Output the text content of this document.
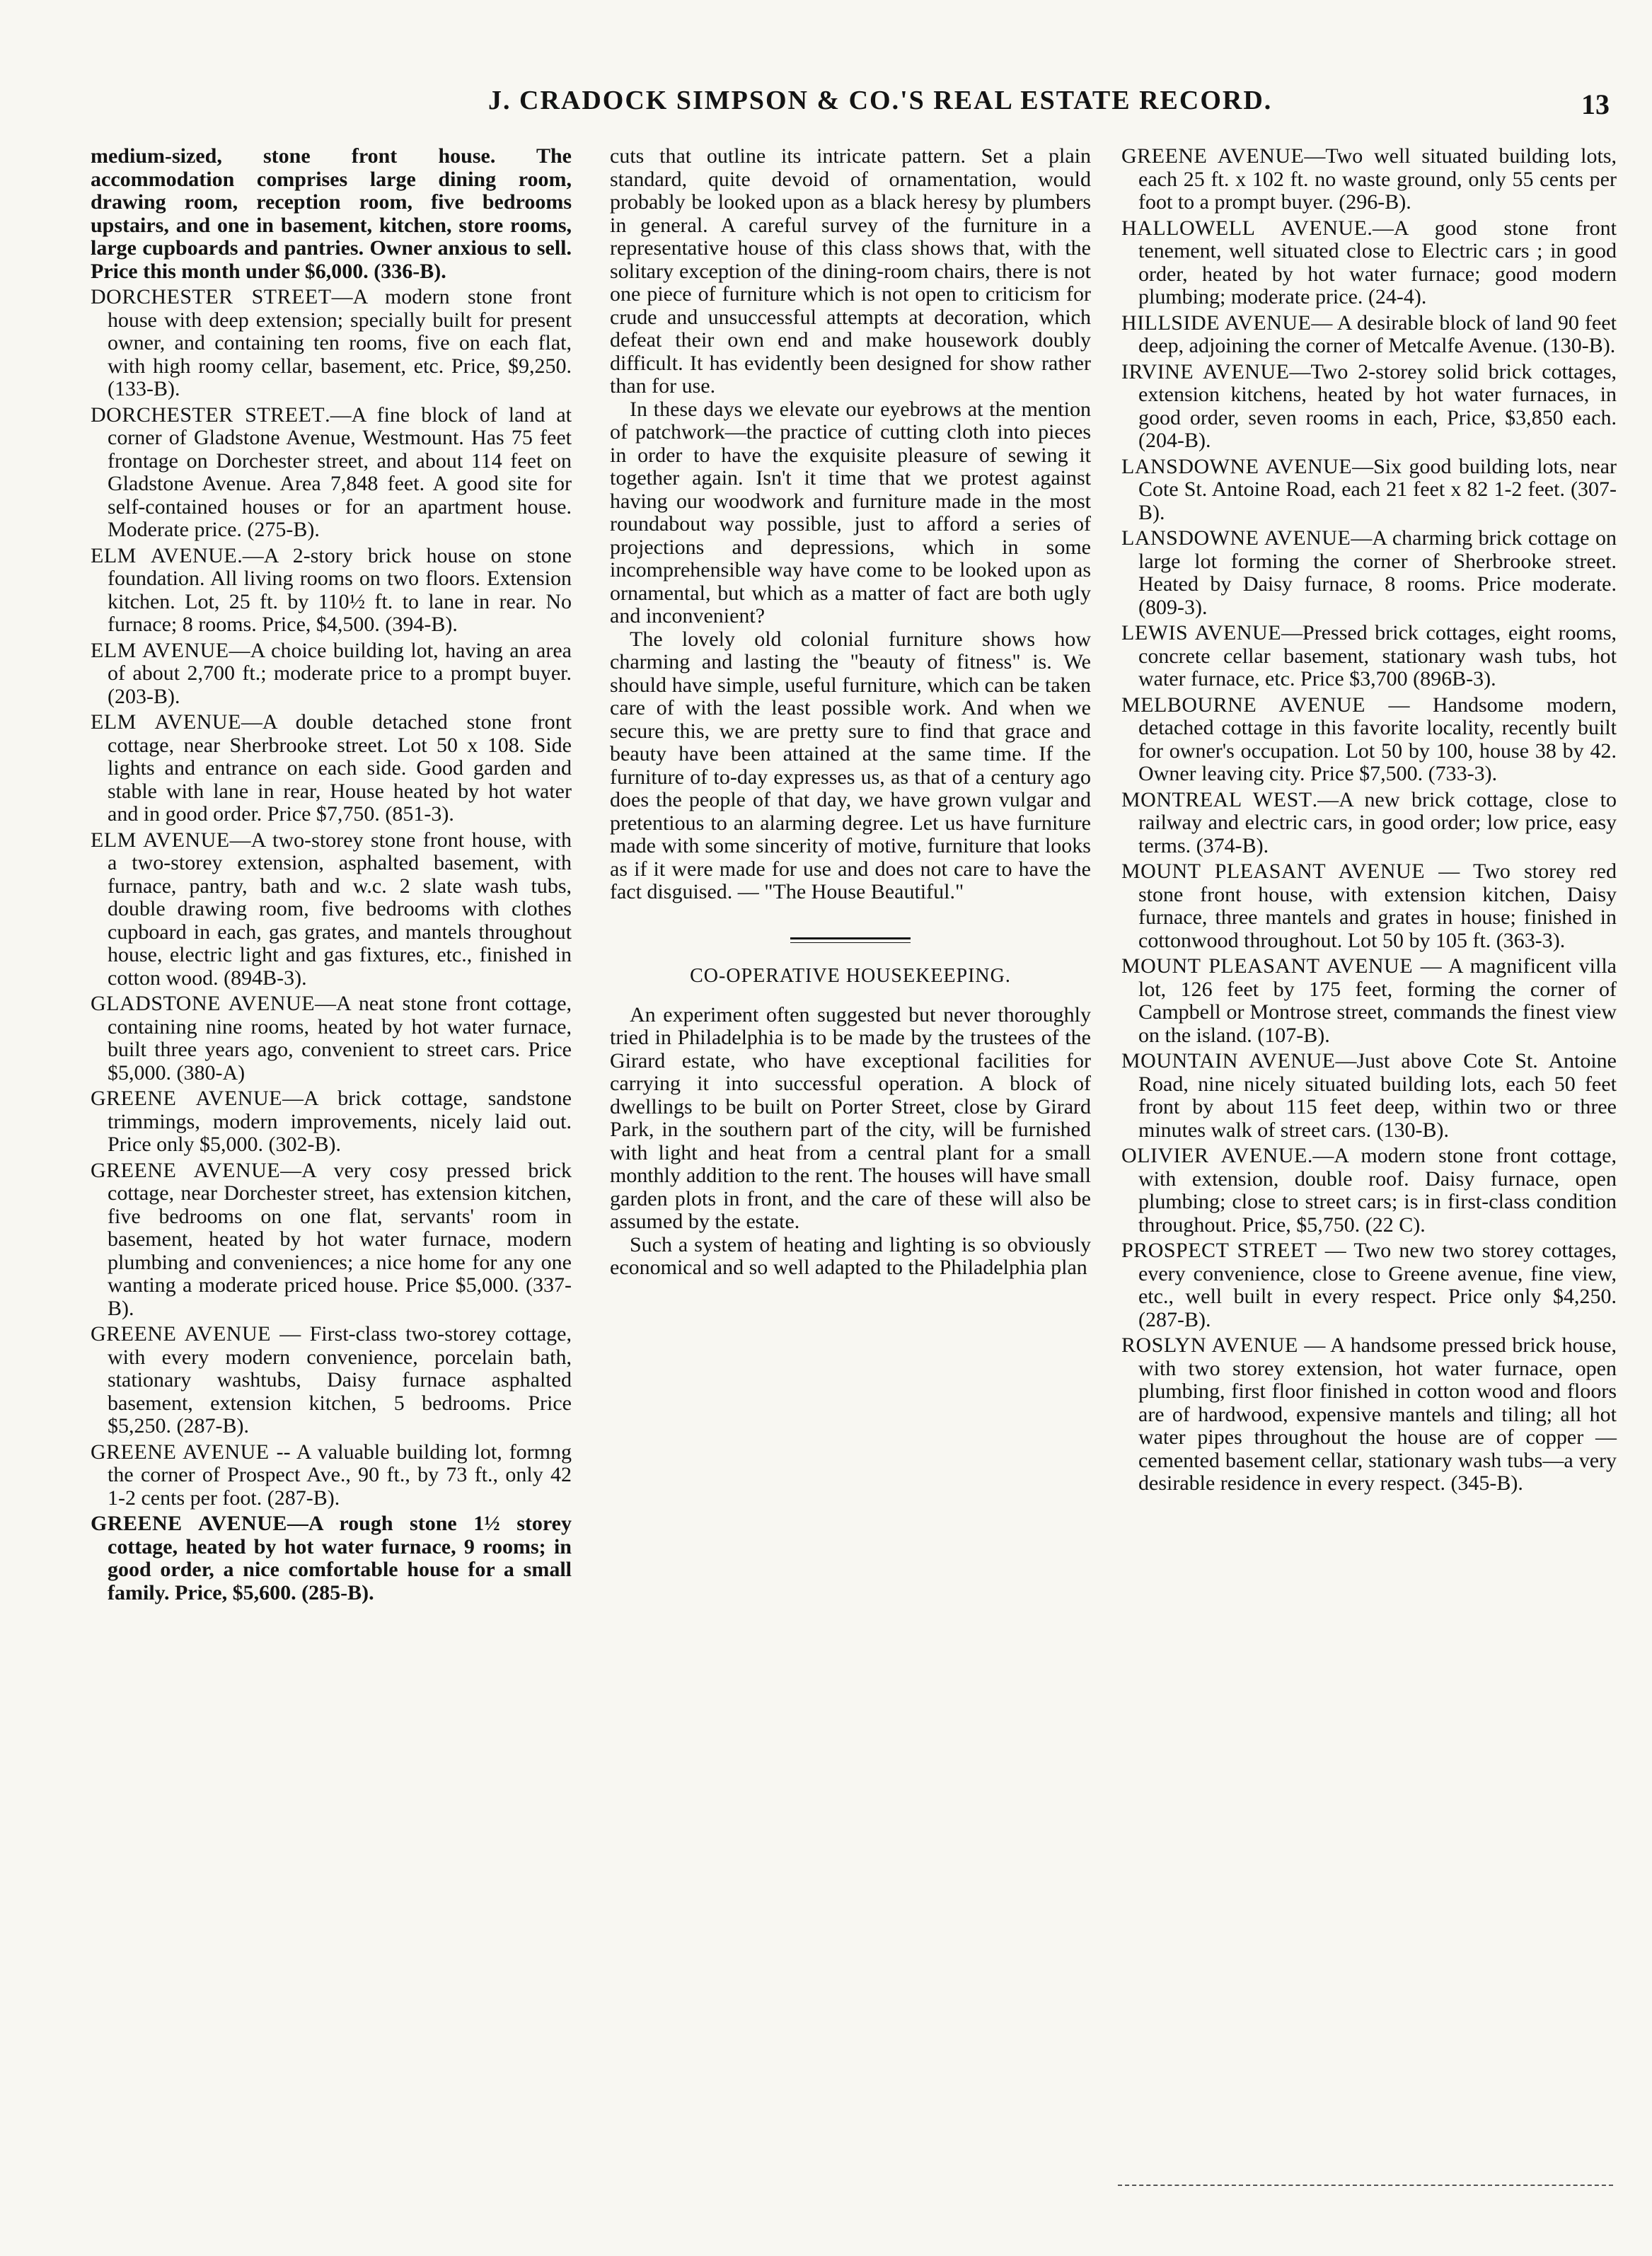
J. CRADOCK SIMPSON & CO.'S REAL ESTATE RECORD.	13

medium-sized, stone front house. The accommodation comprises large dining room, drawing room, reception room, five bedrooms upstairs, and one in basement, kitchen, store rooms, large cupboards and pantries. Owner anxious to sell. Price this month under $6,000. (336-B).

DORCHESTER STREET—A modern stone front house with deep extension; specially built for present owner, and containing ten rooms, five on each flat, with high roomy cellar, basement, etc. Price, $9,250. (133-B).
DORCHESTER STREET.—A fine block of land at corner of Gladstone Avenue, Westmount. Has 75 feet frontage on Dorchester street, and about 114 feet on Gladstone Avenue. Area 7,848 feet. A good site for self-contained houses or for an apartment house. Moderate price. (275-B).
ELM AVENUE.—A 2-story brick house on stone foundation. All living rooms on two floors. Extension kitchen. Lot, 25 ft. by 110½ ft. to lane in rear. No furnace; 8 rooms. Price, $4,500. (394-B).
ELM AVENUE—A choice building lot, having an area of about 2,700 ft.; moderate price to a prompt buyer. (203-B).
ELM AVENUE—A double detached stone front cottage, near Sherbrooke street. Lot 50 x 108. Side lights and entrance on each side. Good garden and stable with lane in rear, House heated by hot water and in good order. Price $7,750. (851-3).
ELM AVENUE—A two-storey stone front house, with a two-storey extension, asphalted basement, with furnace, pantry, bath and w.c. 2 slate wash tubs, double drawing room, five bedrooms with clothes cupboard in each, gas grates, and mantels throughout house, electric light and gas fixtures, etc., finished in cotton wood. (894B-3).
GLADSTONE AVENUE—A neat stone front cottage, containing nine rooms, heated by hot water furnace, built three years ago, convenient to street cars. Price $5,000. (380-A)
GREENE AVENUE—A brick cottage, sandstone trimmings, modern improvements, nicely laid out. Price only $5,000. (302-B).
GREENE AVENUE—A very cosy pressed brick cottage, near Dorchester street, has extension kitchen, five bedrooms on one flat, servants' room in basement, heated by hot water furnace, modern plumbing and conveniences; a nice home for any one wanting a moderate priced house. Price $5,000. (337-B).
GREENE AVENUE — First-class two-storey cottage, with every modern convenience, porcelain bath, stationary washtubs, Daisy furnace asphalted basement, extension kitchen, 5 bedrooms. Price $5,250. (287-B).
GREENE AVENUE -- A valuable building lot, formng the corner of Prospect Ave., 90 ft., by 73 ft., only 42 1-2 cents per foot. (287-B).
GREENE AVENUE—A rough stone 1½ storey cottage, heated by hot water furnace, 9 rooms; in good order, a nice comfortable house for a small family. Price, $5,600. (285-B).

cuts that outline its intricate pattern. Set a plain standard, quite devoid of ornamentation, would probably be looked upon as a black heresy by plumbers in general. A careful survey of the furniture in a representative house of this class shows that, with the solitary exception of the dining-room chairs, there is not one piece of furniture which is not open to criticism for crude and unsuccessful attempts at decoration, which defeat their own end and make housework doubly difficult. It has evidently been designed for show rather than for use.

In these days we elevate our eyebrows at the mention of patchwork—the practice of cutting cloth into pieces in order to have the exquisite pleasure of sewing it together again. Isn't it time that we protest against having our woodwork and furniture made in the most roundabout way possible, just to afford a series of projections and depressions, which in some incomprehensible way have come to be looked upon as ornamental, but which as a matter of fact are both ugly and inconvenient?

The lovely old colonial furniture shows how charming and lasting the "beauty of fitness" is. We should have simple, useful furniture, which can be taken care of with the least possible work. And when we secure this, we are pretty sure to find that grace and beauty have been attained at the same time. If the furniture of to-day expresses us, as that of a century ago does the people of that day, we have grown vulgar and pretentious to an alarming degree. Let us have furniture made with some sincerity of motive, furniture that looks as if it were made for use and does not care to have the fact disguised. — "The House Beautiful."

CO-OPERATIVE HOUSEKEEPING.

An experiment often suggested but never thoroughly tried in Philadelphia is to be made by the trustees of the Girard estate, who have exceptional facilities for carrying it into successful operation. A block of dwellings to be built on Porter Street, close by Girard Park, in the southern part of the city, will be furnished with light and heat from a central plant for a small monthly addition to the rent. The houses will have small garden plots in front, and the care of these will also be assumed by the estate.

Such a system of heating and lighting is so obviously economical and so well adapted to the Philadelphia plan

GREENE AVENUE—Two well situated building lots, each 25 ft. x 102 ft. no waste ground, only 55 cents per foot to a prompt buyer. (296-B).
HALLOWELL AVENUE.—A good stone front tenement, well situated close to Electric cars ; in good order, heated by hot water furnace; good modern plumbing; moderate price. (24-4).
HILLSIDE AVENUE— A desirable block of land 90 feet deep, adjoining the corner of Metcalfe Avenue. (130-B).
IRVINE AVENUE—Two 2-storey solid brick cottages, extension kitchens, heated by hot water furnaces, in good order, seven rooms in each, Price, $3,850 each. (204-B).
LANSDOWNE AVENUE—Six good building lots, near Cote St. Antoine Road, each 21 feet x 82 1-2 feet. (307-B).
LANSDOWNE AVENUE—A charming brick cottage on large lot forming the corner of Sherbrooke street. Heated by Daisy furnace, 8 rooms. Price moderate. (809-3).
LEWIS AVENUE—Pressed brick cottages, eight rooms, concrete cellar basement, stationary wash tubs, hot water furnace, etc. Price $3,700 (896B-3).
MELBOURNE AVENUE — Handsome modern, detached cottage in this favorite locality, recently built for owner's occupation. Lot 50 by 100, house 38 by 42. Owner leaving city. Price $7,500. (733-3).
MONTREAL WEST.—A new brick cottage, close to railway and electric cars, in good order; low price, easy terms. (374-B).
MOUNT PLEASANT AVENUE — Two storey red stone front house, with extension kitchen, Daisy furnace, three mantels and grates in house; finished in cottonwood throughout. Lot 50 by 105 ft. (363-3).
MOUNT PLEASANT AVENUE — A magnificent villa lot, 126 feet by 175 feet, forming the corner of Campbell or Montrose street, commands the finest view on the island. (107-B).
MOUNTAIN AVENUE—Just above Cote St. Antoine Road, nine nicely situated building lots, each 50 feet front by about 115 feet deep, within two or three minutes walk of street cars. (130-B).
OLIVIER AVENUE.—A modern stone front cottage, with extension, double roof. Daisy furnace, open plumbing; close to street cars; is in first-class condition throughout. Price, $5,750. (22 C).
PROSPECT STREET — Two new two storey cottages, every convenience, close to Greene avenue, fine view, etc., well built in every respect. Price only $4,250. (287-B).
ROSLYN AVENUE — A handsome pressed brick house, with two storey extension, hot water furnace, open plumbing, first floor finished in cotton wood and floors are of hardwood, expensive mantels and tiling; all hot water pipes throughout the house are of copper — cemented basement cellar, stationary wash tubs—a very desirable residence in every respect. (345-B).
